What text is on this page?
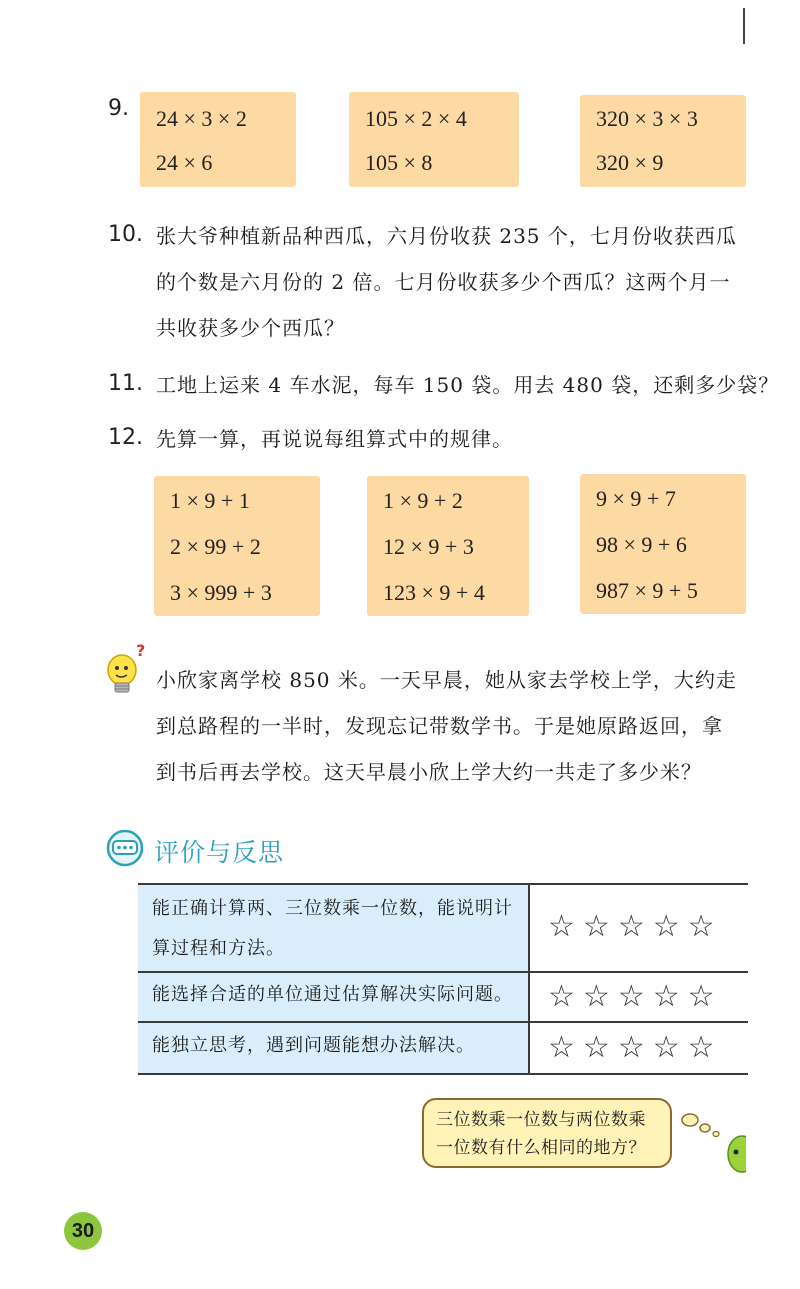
9. 24 × 3 × 2
24 × 6
105 × 2 × 4
105 × 8
320 × 3 × 3
320 × 9
10. 张大爷种植新品种西瓜，六月份收获 235 个，七月份收获西瓜
的个数是六月份的 2 倍。七月份收获多少个西瓜？这两个月一
共收获多少个西瓜？
11. 工地上运来 4 车水泥，每车 150 袋。用去 480 袋，还剩多少袋？
12. 先算一算，再说说每组算式中的规律。
1 × 9 + 1
2 × 99 + 2
3 × 999 + 3
1 × 9 + 2
12 × 9 + 3
123 × 9 + 4
9 × 9 + 7
98 × 9 + 6
987 × 9 + 5
?
小欣家离学校 850 米。一天早晨，她从家去学校上学，大约走
到总路程的一半时，发现忘记带数学书。于是她原路返回，拿
到书后再去学校。这天早晨小欣上学大约一共走了多少米？
评价与反思
能正确计算两、三位数乘一位数，能说明计
算过程和方法。
☆ ☆ ☆ ☆ ☆
能选择合适的单位通过估算解决实际问题。 ☆ ☆ ☆ ☆ ☆
能独立思考，遇到问题能想办法解决。	☆ ☆ ☆ ☆ ☆
三位数乘一位数与两位数乘
一位数有什么相同的地方？
30
